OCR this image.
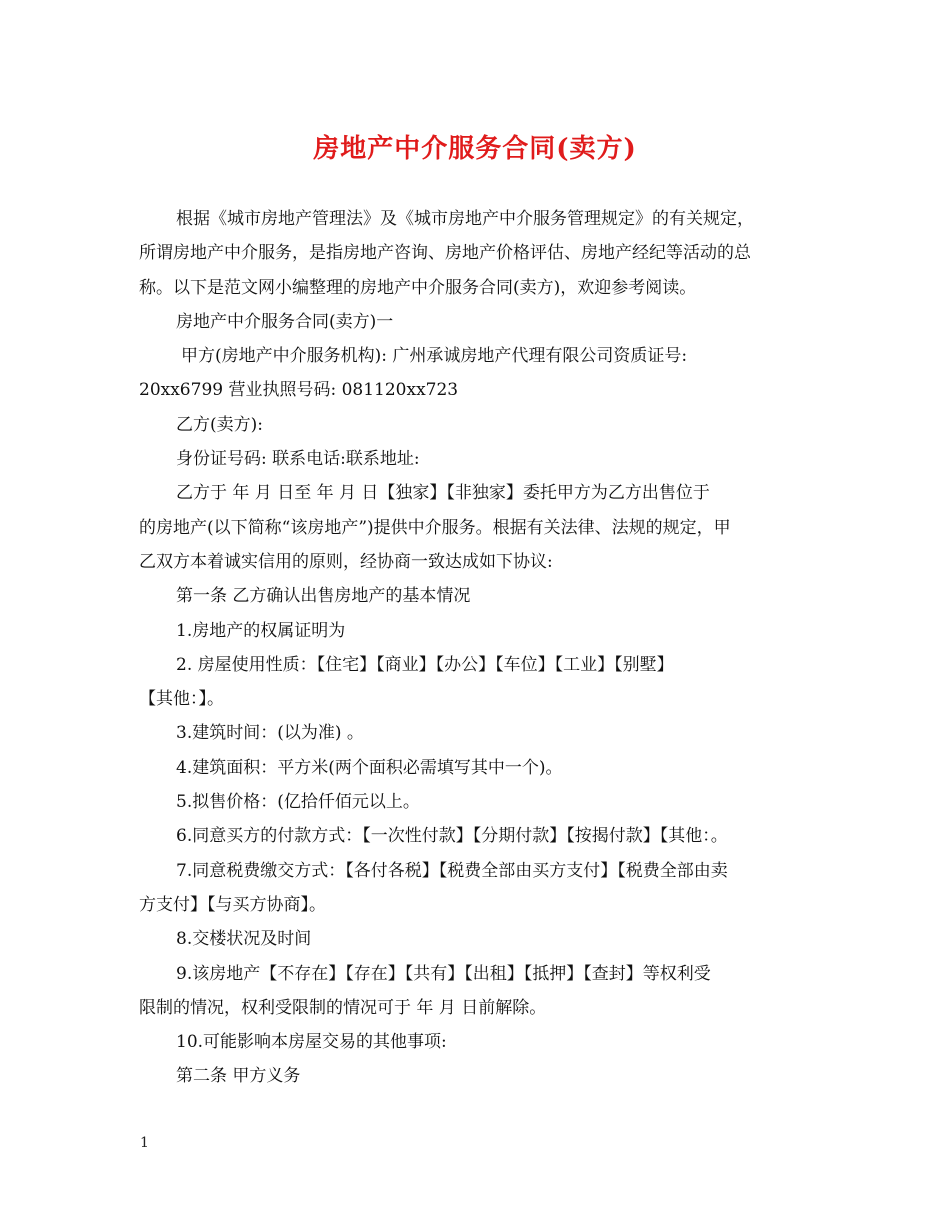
房地产中介服务合同(卖方)

根据《城市房地产管理法》及《城市房地产中介服务管理规定》的有关规定，

所谓房地产中介服务，是指房地产咨询、房地产价格评估、房地产经纪等活动的总

称。以下是范文网小编整理的房地产中介服务合同(卖方)，欢迎参考阅读。

房地产中介服务合同(卖方)一

甲方(房地产中介服务机构): 广州承诚房地产代理有限公司资质证号:

20xx6799 营业执照号码: 081120xx723

乙方(卖方):

身份证号码: 联系电话:联系地址:

乙方于 年 月 日至 年 月 日【独家】【非独家】委托甲方为乙方出售位于

的房地产(以下简称“该房地产”)提供中介服务。根据有关法律、法规的规定，甲

乙双方本着诚实信用的原则，经协商一致达成如下协议:

第一条 乙方确认出售房地产的基本情况

1.房地产的权属证明为

2. 房屋使用性质：【住宅】【商业】【办公】【车位】【工业】【别墅】

【其他：】。

3.建筑时间：(以为准) 。

4.建筑面积：平方米(两个面积必需填写其中一个)。

5.拟售价格：(亿拾仟佰元以上。

6.同意买方的付款方式：【一次性付款】【分期付款】【按揭付款】【其他：。

7.同意税费缴交方式：【各付各税】【税费全部由买方支付】【税费全部由卖

方支付】【与买方协商】。

8.交楼状况及时间

9.该房地产【不存在】【存在】【共有】【出租】【抵押】【查封】等权利受

限制的情况，权利受限制的情况可于 年 月 日前解除。

10.可能影响本房屋交易的其他事项:

第二条 甲方义务

1
